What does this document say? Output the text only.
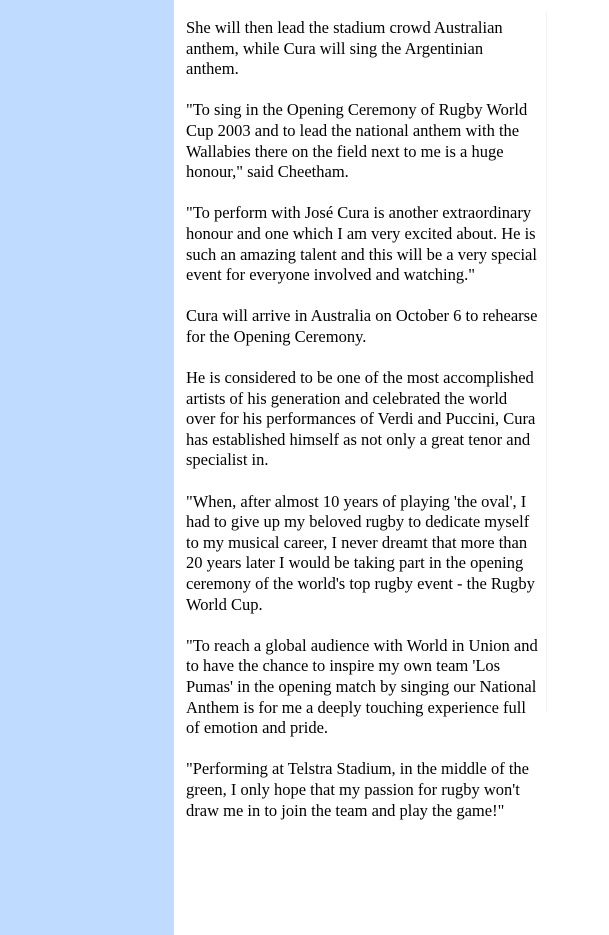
She will then lead the stadium crowd Australian anthem, while Cura will sing the Argentinian anthem.

"To sing in the Opening Ceremony of Rugby World Cup 2003 and to lead the national anthem with the Wallabies there on the field next to me is a huge honour," said Cheetham.

"To perform with José Cura is another extraordinary honour and one which I am very excited about. He is such an amazing talent and this will be a very special event for everyone involved and watching."

Cura will arrive in Australia on October 6 to rehearse for the Opening Ceremony.

He is considered to be one of the most accomplished artists of his generation and celebrated the world over for his performances of Verdi and Puccini, Cura has established himself as not only a great tenor and specialist in.

"When, after almost 10 years of playing 'the oval', I had to give up my beloved rugby to dedicate myself to my musical career, I never dreamt that more than 20 years later I would be taking part in the opening ceremony of the world's top rugby event - the Rugby World Cup.

"To reach a global audience with World in Union and to have the chance to inspire my own team 'Los Pumas' in the opening match by singing our National Anthem is for me a deeply touching experience full of emotion and pride.

"Performing at Telstra Stadium, in the middle of the green, I only hope that my passion for rugby won't draw me in to join the team and play the game!"
